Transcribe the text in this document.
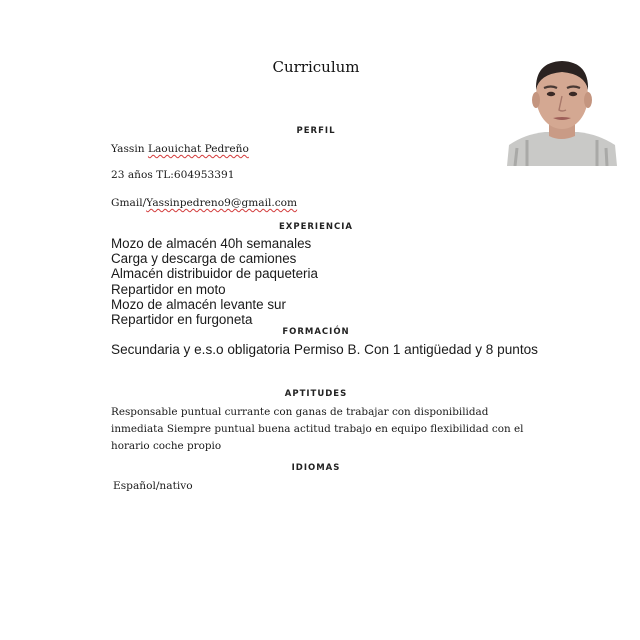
Curriculum
PERFIL
Yassin Laouichat Pedreño
23 años TL:604953391
Gmail/Yassinpedreno9@gmail.com
EXPERIENCIA
Mozo de almacén 40h semanales
Carga y descarga de camiones
Almacén distribuidor de paqueteria
Repartidor en moto
Mozo de almacén levante sur
Repartidor en furgoneta
FORMACIÓN
Secundaria y e.s.o obligatoria Permiso B. Con 1 antigüedad y 8 puntos
APTITUDES
Responsable puntual currante con ganas de trabajar con disponibilidad inmediata Siempre puntual buena actitud trabajo en equipo flexibilidad con el horario coche propio
IDIOMAS
Español/nativo
